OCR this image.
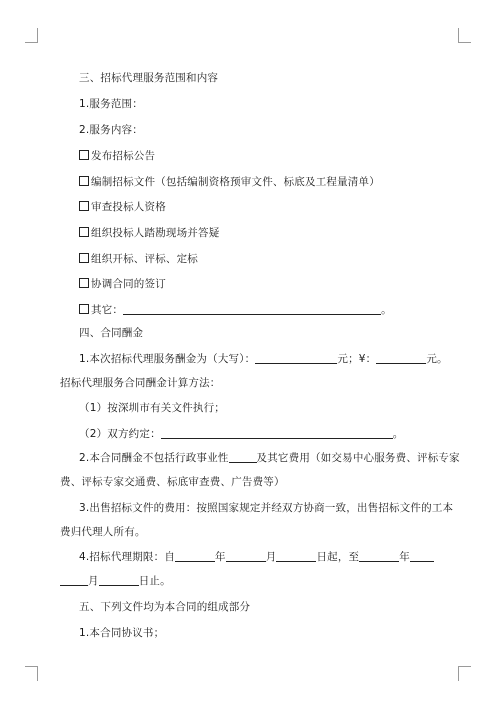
三、招标代理服务范围和内容
1.服务范围：
2.服务内容：
发布招标公告
编制招标文件（包括编制资格预审文件、标底及工程量清单）
审查投标人资格
组织投标人踏勘现场并答疑
组织开标、评标、定标
协调合同的签订
其它：	。
四、合同酬金
1.本次招标代理服务酬金为（大写）：	元；¥：	元。
招标代理服务合同酬金计算方法：
（1）按深圳市有关文件执行；
（2）双方约定：	。
2.本合同酬金不包括行政事业性	及其它费用（如交易中心服务费、评标专家
费、评标专家交通费、标底审查费、广告费等）
3.出售招标文件的费用：按照国家规定并经双方协商一致，出售招标文件的工本
费归代理人所有。
4.招标代理期限：自	年	月	日起，至	年
月	日止。
五、下列文件均为本合同的组成部分
1.本合同协议书；
